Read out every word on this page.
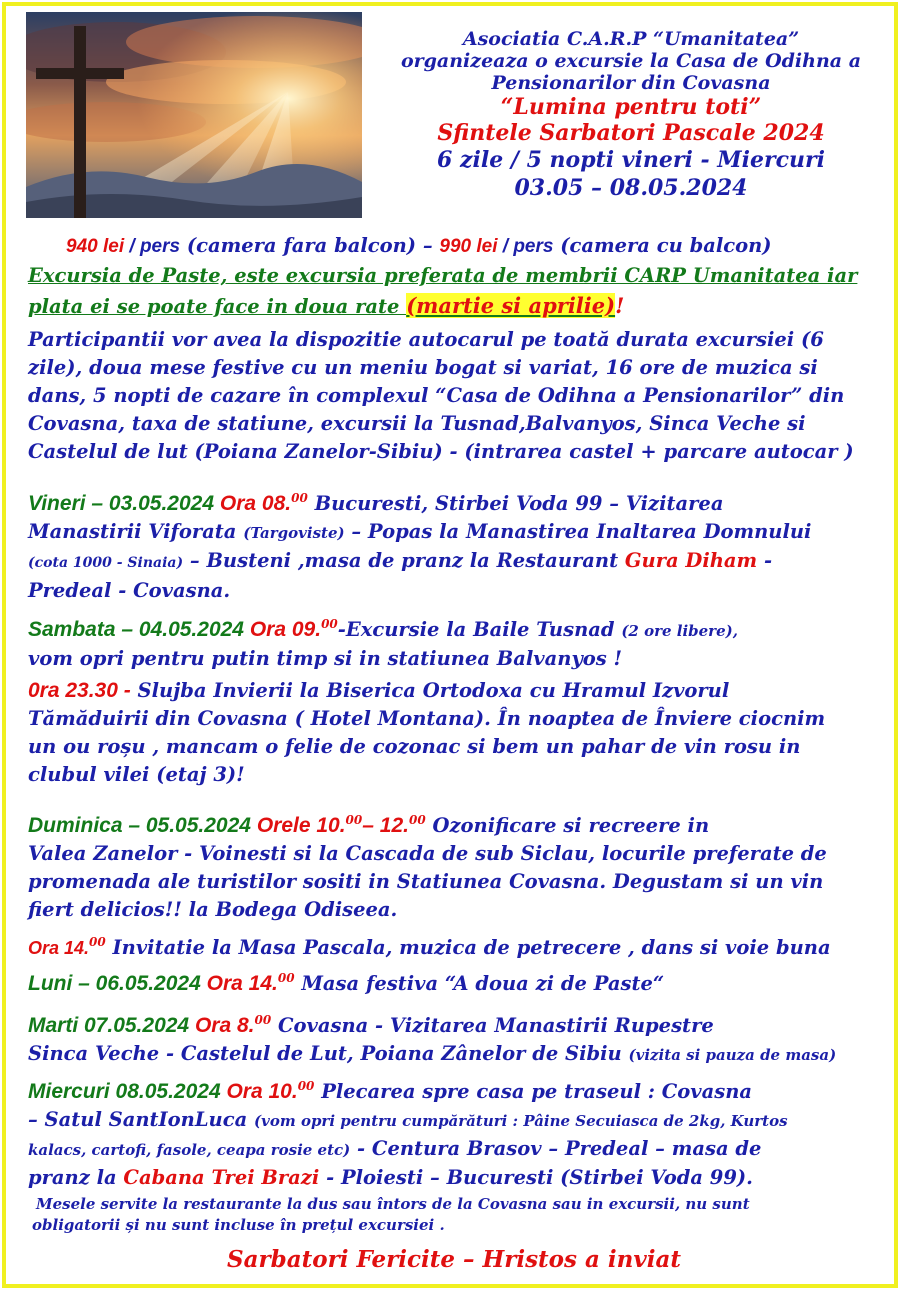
Asociatia C.A.R.P “Umanitatea”
organizeaza o excursie la Casa de Odihna a
Pensionarilor din Covasna
“Lumina pentru toti”
Sfintele Sarbatori Pascale 2024
6 zile / 5 nopti vineri - Miercuri
03.05 – 08.05.2024
940 lei / pers (camera fara balcon) – 990 lei / pers (camera cu balcon)
Excursia de Paste, este excursia preferata de membrii CARP Umanitatea iar
plata ei se poate face in doua rate (martie si aprilie)!
Participantii vor avea la dispozitie autocarul pe toată durata excursiei (6
zile), doua mese festive cu un meniu bogat si variat, 16 ore de muzica si
dans, 5 nopti de cazare în complexul “Casa de Odihna a Pensionarilor” din
Covasna, taxa de statiune, excursii la Tusnad,Balvanyos, Sinca Veche si
Castelul de lut (Poiana Zanelor-Sibiu) - (intrarea castel + parcare autocar )
Vineri – 03.05.2024 Ora 08.00 Bucuresti, Stirbei Voda 99 – Vizitarea
Manastirii Viforata (Targoviste) – Popas la Manastirea Inaltarea Domnului
(cota 1000 - Sinaia) – Busteni ,masa de pranz la Restaurant Gura Diham -
Predeal - Covasna.
Sambata – 04.05.2024 Ora 09.00-Excursie la Baile Tusnad (2 ore libere),
vom opri pentru putin timp si in statiunea Balvanyos !
0ra 23.30 - Slujba Invierii la Biserica Ortodoxa cu Hramul Izvorul
Tămăduirii din Covasna ( Hotel Montana). În noaptea de Înviere ciocnim
un ou roșu , mancam o felie de cozonac si bem un pahar de vin rosu in
clubul vilei (etaj 3)!
Duminica – 05.05.2024 Orele 10.00– 12.00 Ozonificare si recreere in
Valea Zanelor - Voinesti si la Cascada de sub Siclau, locurile preferate de
promenada ale turistilor sositi in Statiunea Covasna. Degustam si un vin
fiert delicios!! la Bodega Odiseea.
Ora 14.00 Invitatie la Masa Pascala, muzica de petrecere , dans si voie buna
Luni – 06.05.2024 Ora 14.00 Masa festiva “A doua zi de Paste“
Marti 07.05.2024 Ora 8.00 Covasna - Vizitarea Manastirii Rupestre
Sinca Veche - Castelul de Lut, Poiana Zânelor de Sibiu (vizita si pauza de masa)
Miercuri 08.05.2024 Ora 10.00 Plecarea spre casa pe traseul : Covasna
– Satul SantIonLuca (vom opri pentru cumpărături : Pâine Secuiasca de 2kg, Kurtos
kalacs, cartofi, fasole, ceapa rosie etc) - Centura Brasov – Predeal – masa de
pranz la Cabana Trei Brazi - Ploiesti – Bucuresti (Stirbei Voda 99).
Mesele servite la restaurante la dus sau întors de la Covasna sau in excursii, nu sunt
obligatorii și nu sunt incluse în prețul excursiei .
Sarbatori Fericite – Hristos a inviat
